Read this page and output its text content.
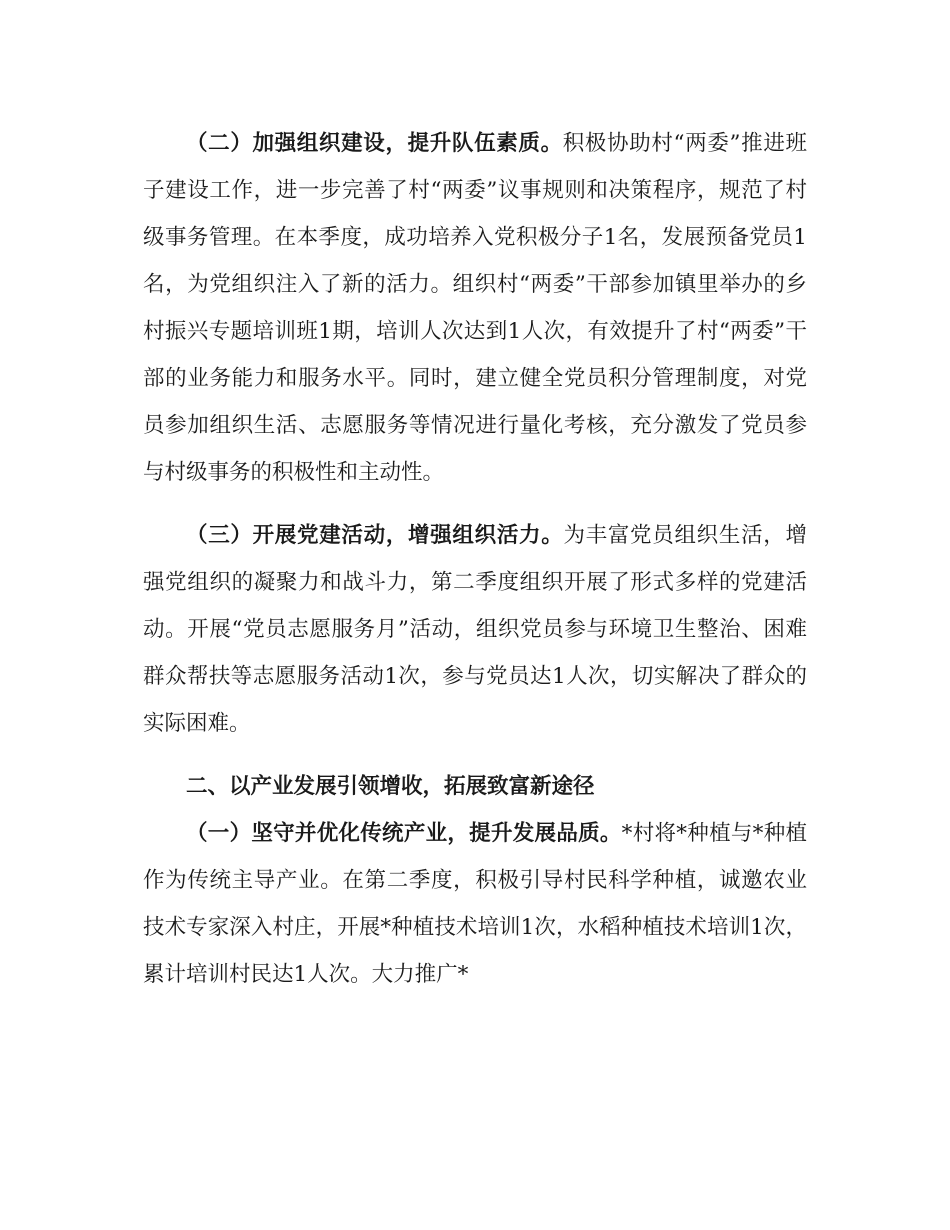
（二）加强组织建设，提升队伍素质。积极协助村“两委”推进班子建设工作，进一步完善了村“两委”议事规则和决策程序，规范了村级事务管理。在本季度，成功培养入党积极分子1名，发展预备党员1名，为党组织注入了新的活力。组织村“两委”干部参加镇里举办的乡村振兴专题培训班1期，培训人次达到1人次，有效提升了村“两委”干部的业务能力和服务水平。同时，建立健全党员积分管理制度，对党员参加组织生活、志愿服务等情况进行量化考核，充分激发了党员参与村级事务的积极性和主动性。

（三）开展党建活动，增强组织活力。为丰富党员组织生活，增强党组织的凝聚力和战斗力，第二季度组织开展了形式多样的党建活动。开展“党员志愿服务月”活动，组织党员参与环境卫生整治、困难群众帮扶等志愿服务活动1次，参与党员达1人次，切实解决了群众的实际困难。

二、以产业发展引领增收，拓展致富新途径

（一）坚守并优化传统产业，提升发展品质。*村将*种植与*种植作为传统主导产业。在第二季度，积极引导村民科学种植，诚邀农业技术专家深入村庄，开展*种植技术培训1次，水稻种植技术培训1次，累计培训村民达1人次。大力推广*
